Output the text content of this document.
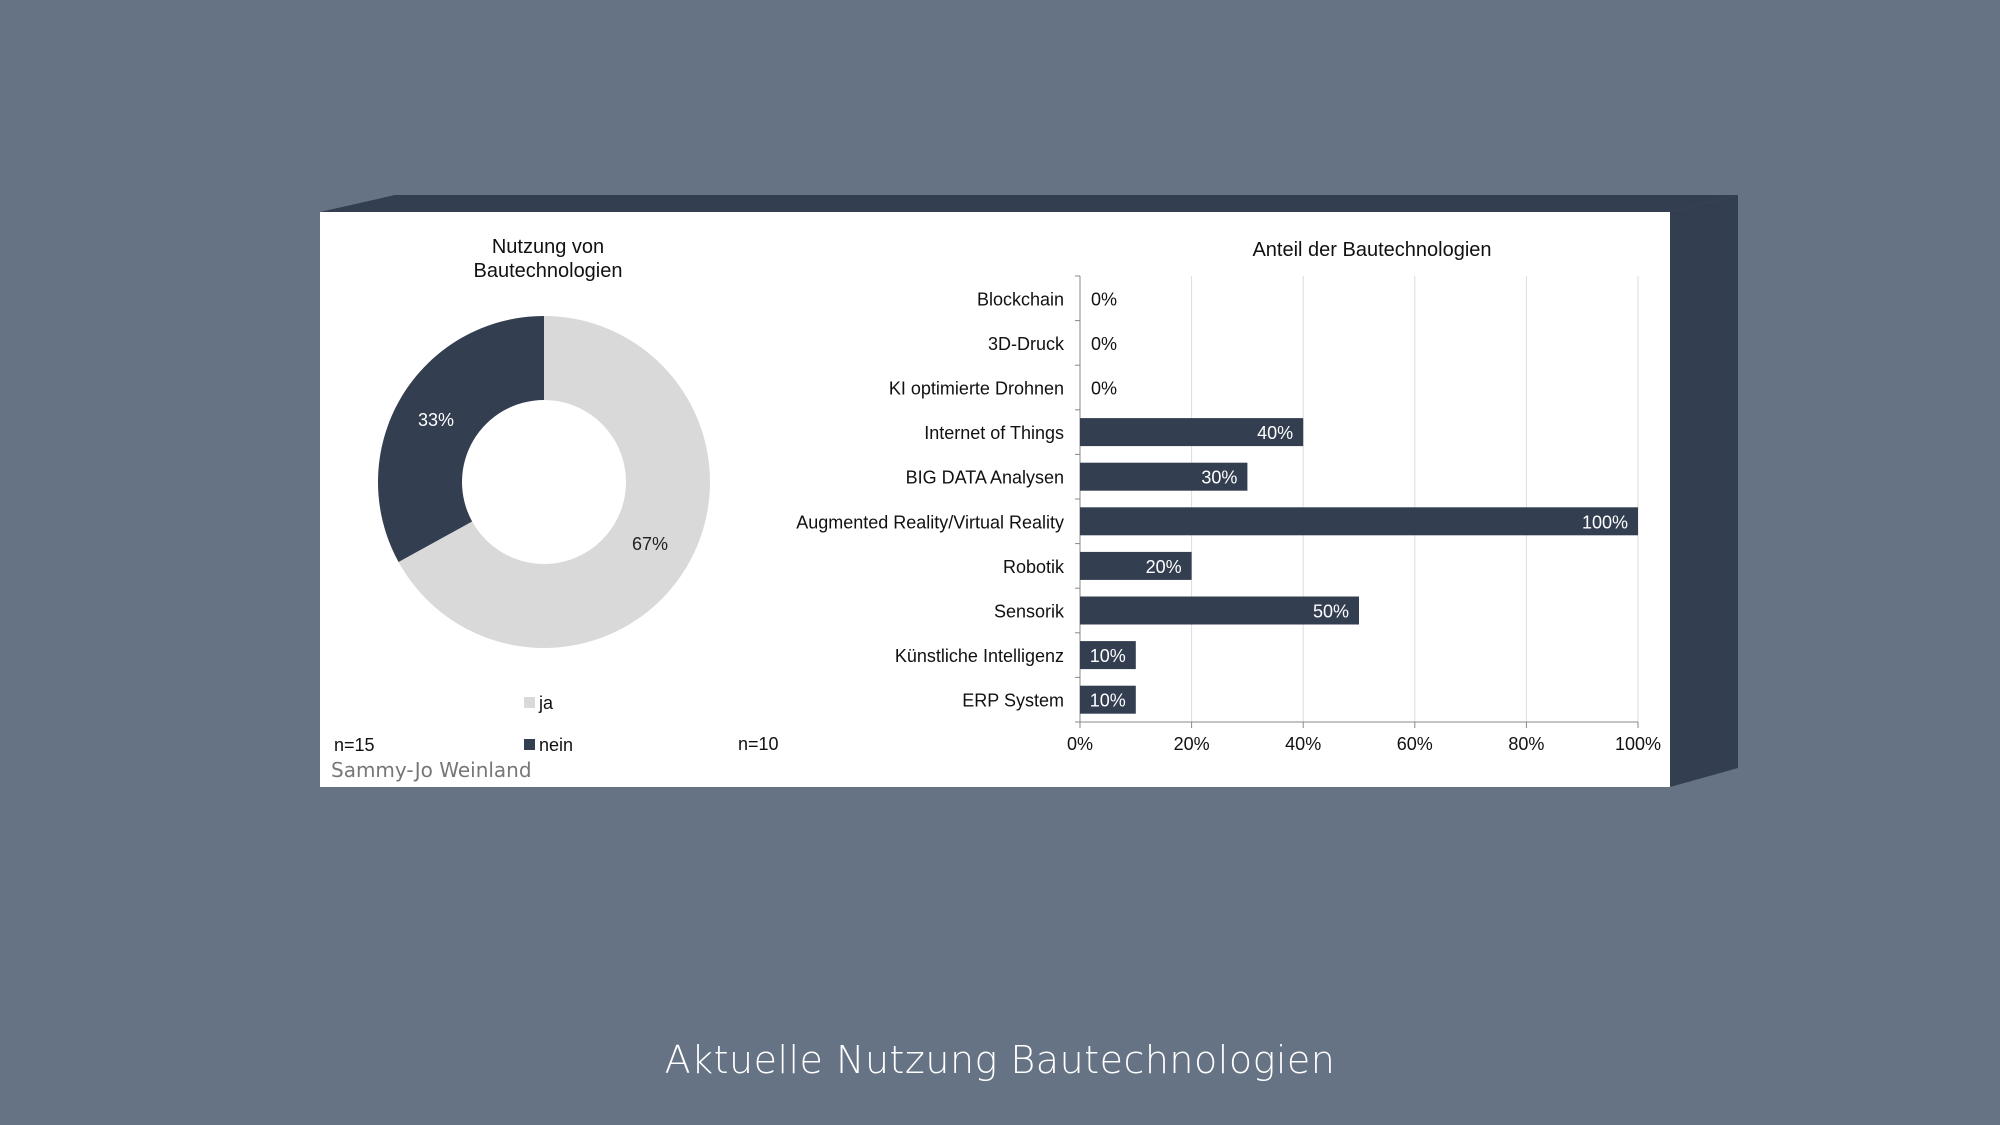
Nutzung von
Bautechnologien
67%
33%
ja
nein
n=15
Anteil der Bautechnologien
0%	20%	40%	60%	80%	100%
Blockchain 0%
3D-Druck 0%
KI optimierte Drohnen 0%
Internet of Things	40%
BIG DATA Analysen	30%
Augmented Reality/Virtual Reality	100%
Robotik	20%
Sensorik	50%
Künstliche Intelligenz 10%
ERP System 10%
n=10
Sammy-Jo Weinland
Aktuelle Nutzung Bautechnologien
